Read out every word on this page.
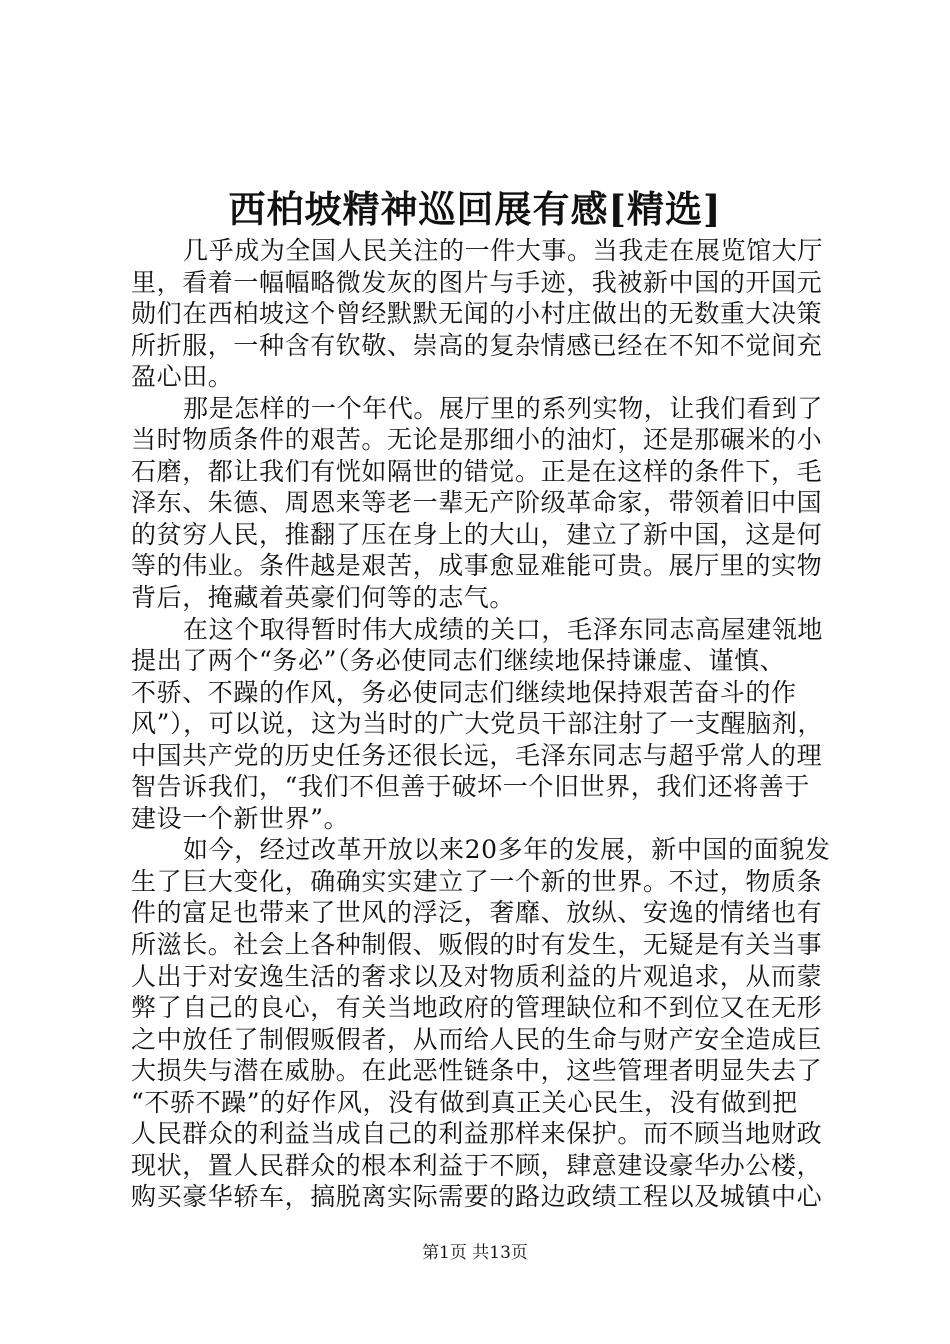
西柏坡精神巡回展有感[精选]
几乎成为全国人民关注的一件大事。当我走在展览馆大厅
里，看着一幅幅略微发灰的图片与手迹，我被新中国的开国元
勋们在西柏坡这个曾经默默无闻的小村庄做出的无数重大决策
所折服，一种含有钦敬、崇高的复杂情感已经在不知不觉间充
盈心田。
那是怎样的一个年代。展厅里的系列实物，让我们看到了
当时物质条件的艰苦。无论是那细小的油灯，还是那碾米的小
石磨，都让我们有恍如隔世的错觉。正是在这样的条件下，毛
泽东、朱德、周恩来等老一辈无产阶级革命家，带领着旧中国
的贫穷人民，推翻了压在身上的大山，建立了新中国，这是何
等的伟业。条件越是艰苦，成事愈显难能可贵。展厅里的实物
背后，掩藏着英豪们何等的志气。
在这个取得暂时伟大成绩的关口，毛泽东同志高屋建瓴地
提出了两个“务必”（务必使同志们继续地保持谦虚、谨慎、
不骄、不躁的作风，务必使同志们继续地保持艰苦奋斗的作
风”），可以说，这为当时的广大党员干部注射了一支醒脑剂，
中国共产党的历史任务还很长远，毛泽东同志与超乎常人的理
智告诉我们，“我们不但善于破坏一个旧世界，我们还将善于
建设一个新世界”。
如今，经过改革开放以来20多年的发展，新中国的面貌发
生了巨大变化，确确实实建立了一个新的世界。不过，物质条
件的富足也带来了世风的浮泛，奢靡、放纵、安逸的情绪也有
所滋长。社会上各种制假、贩假的时有发生，无疑是有关当事
人出于对安逸生活的奢求以及对物质利益的片观追求，从而蒙
弊了自己的良心，有关当地政府的管理缺位和不到位又在无形
之中放任了制假贩假者，从而给人民的生命与财产安全造成巨
大损失与潜在威胁。在此恶性链条中，这些管理者明显失去了
“不骄不躁”的好作风，没有做到真正关心民生，没有做到把
人民群众的利益当成自己的利益那样来保护。而不顾当地财政
现状，置人民群众的根本利益于不顾，肆意建设豪华办公楼，
购买豪华轿车，搞脱离实际需要的路边政绩工程以及城镇中心
第1页 共13页
